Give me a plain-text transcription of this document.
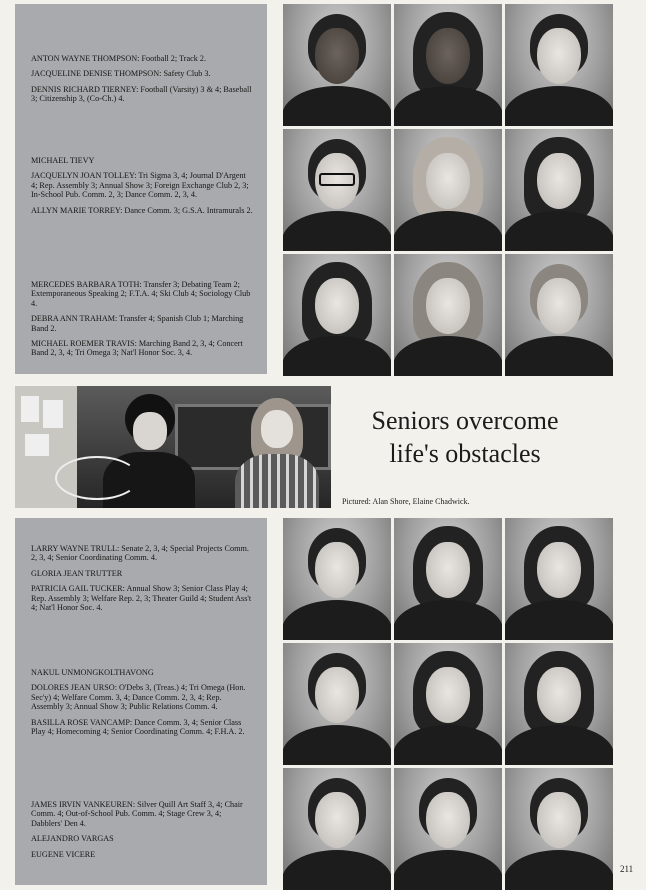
ANTON WAYNE THOMPSON: Football 2; Track 2.

JACQUELINE DENISE THOMPSON: Safety Club 3.

DENNIS RICHARD TIERNEY: Football (Varsity) 3 & 4; Baseball 3; Citizenship 3, (Co-Ch.) 4.

MICHAEL TIEVY

JACQUELYN JOAN TOLLEY: Tri Sigma 3, 4; Journal D'Argent 4; Rep. Assembly 3; Annual Show 3; Foreign Exchange Club 2, 3; In-School Pub. Comm. 2, 3; Dance Comm. 2, 3, 4.

ALLYN MARIE TORREY: Dance Comm. 3; G.S.A. Intramurals 2.

MERCEDES BARBARA TOTH: Transfer 3; Debating Team 2; Extemporaneous Speaking 2; F.T.A. 4; Ski Club 4; Sociology Club 4.

DEBRA ANN TRAHAM: Transfer 4; Spanish Club 1; Marching Band 2.

MICHAEL ROEMER TRAVIS: Marching Band 2, 3, 4; Concert Band 2, 3, 4; Tri Omega 3; Nat'l Honor Soc. 3, 4.

Seniors overcome life's obstacles

Pictured: Alan Shore, Elaine Chadwick.

LARRY WAYNE TRULL: Senate 2, 3, 4; Special Projects Comm. 2, 3, 4; Senior Coordinating Comm. 4.

GLORIA JEAN TRUTTER

PATRICIA GAIL TUCKER: Annual Show 3; Senior Class Play 4; Rep. Assembly 3; Welfare Rep. 2, 3; Theater Guild 4; Student Ass't 4; Nat'l Honor Soc. 4.

NAKUL UNMONGKOLTHAVONG

DOLORES JEAN URSO: O'Debs 3, (Treas.) 4; Tri Omega (Hon. Sec'y) 4; Welfare Comm. 3, 4; Dance Comm. 2, 3, 4; Rep. Assembly 3; Annual Show 3; Public Relations Comm. 4.

BASILLA ROSE VANCAMP: Dance Comm. 3, 4; Senior Class Play 4; Homecoming 4; Senior Coordinating Comm. 4; F.H.A. 2.

JAMES IRVIN VANKEUREN: Silver Quill Art Staff 3, 4; Chair Comm. 4; Out-of-School Pub. Comm. 4; Stage Crew 3, 4; Dabblers' Den 4.

ALEJANDRO VARGAS

EUGENE VICERE

211
